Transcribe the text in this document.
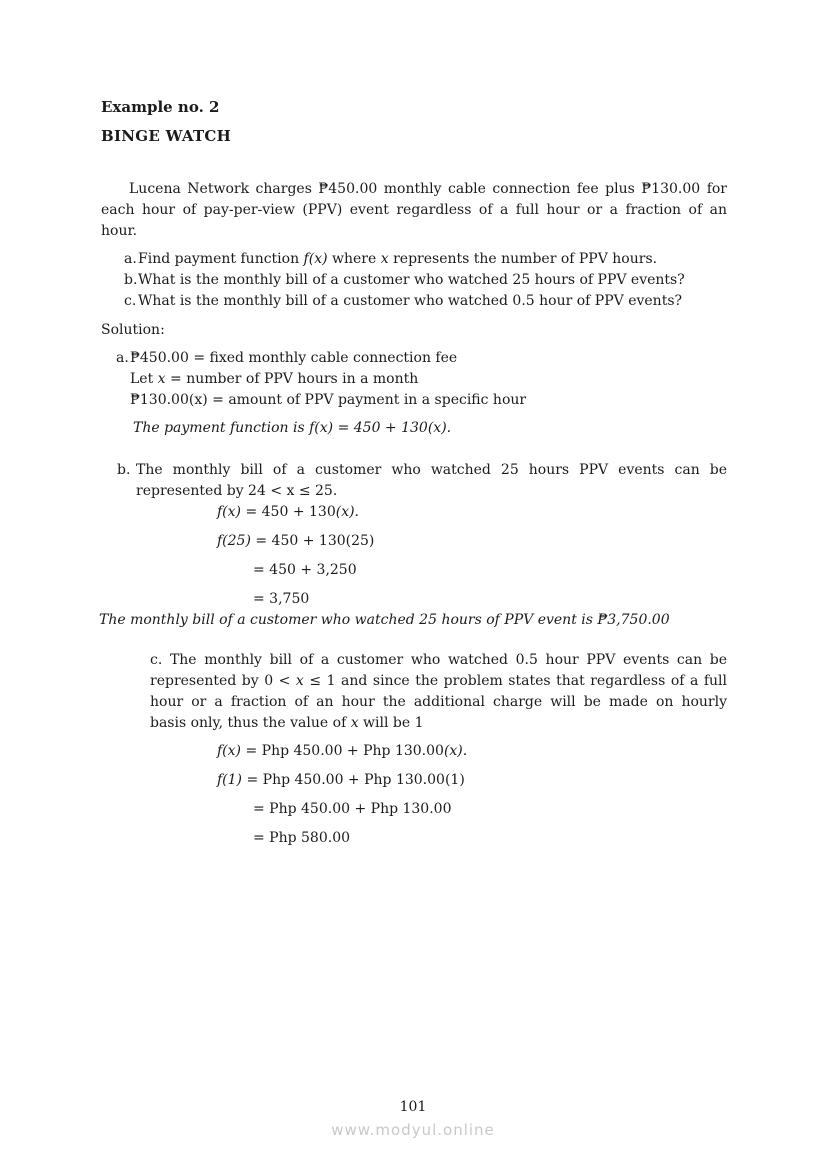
Example no. 2
BINGE WATCH
Lucena Network charges ₱450.00 monthly cable connection fee plus ₱130.00 for
each hour of pay-per-view (PPV) event regardless of a full hour or a fraction of an
hour.
a. Find payment function f(x) where x represents the number of PPV hours.
b. What is the monthly bill of a customer who watched 25 hours of PPV events?
c. What is the monthly bill of a customer who watched 0.5 hour of PPV events?
Solution:
a. ₱450.00 = fixed monthly cable connection fee
Let x = number of PPV hours in a month
₱130.00(x) = amount of PPV payment in a specific hour
The payment function is f(x) = 450 + 130(x).
b. The monthly bill of a customer who watched 25 hours PPV events can be
represented by 24 < x ≤ 25.
f(x) = 450 + 130(x).
f(25) = 450 + 130(25)
= 450 + 3,250
= 3,750
The monthly bill of a customer who watched 25 hours of PPV event is ₱3,750.00
c. The monthly bill of a customer who watched 0.5 hour PPV events can be
represented by 0 < x ≤ 1 and since the problem states that regardless of a full
hour or a fraction of an hour the additional charge will be made on hourly
basis only, thus the value of x will be 1
f(x) = Php 450.00 + Php 130.00(x).
f(1) = Php 450.00 + Php 130.00(1)
= Php 450.00 + Php 130.00
= Php 580.00
101
www.modyul.online
